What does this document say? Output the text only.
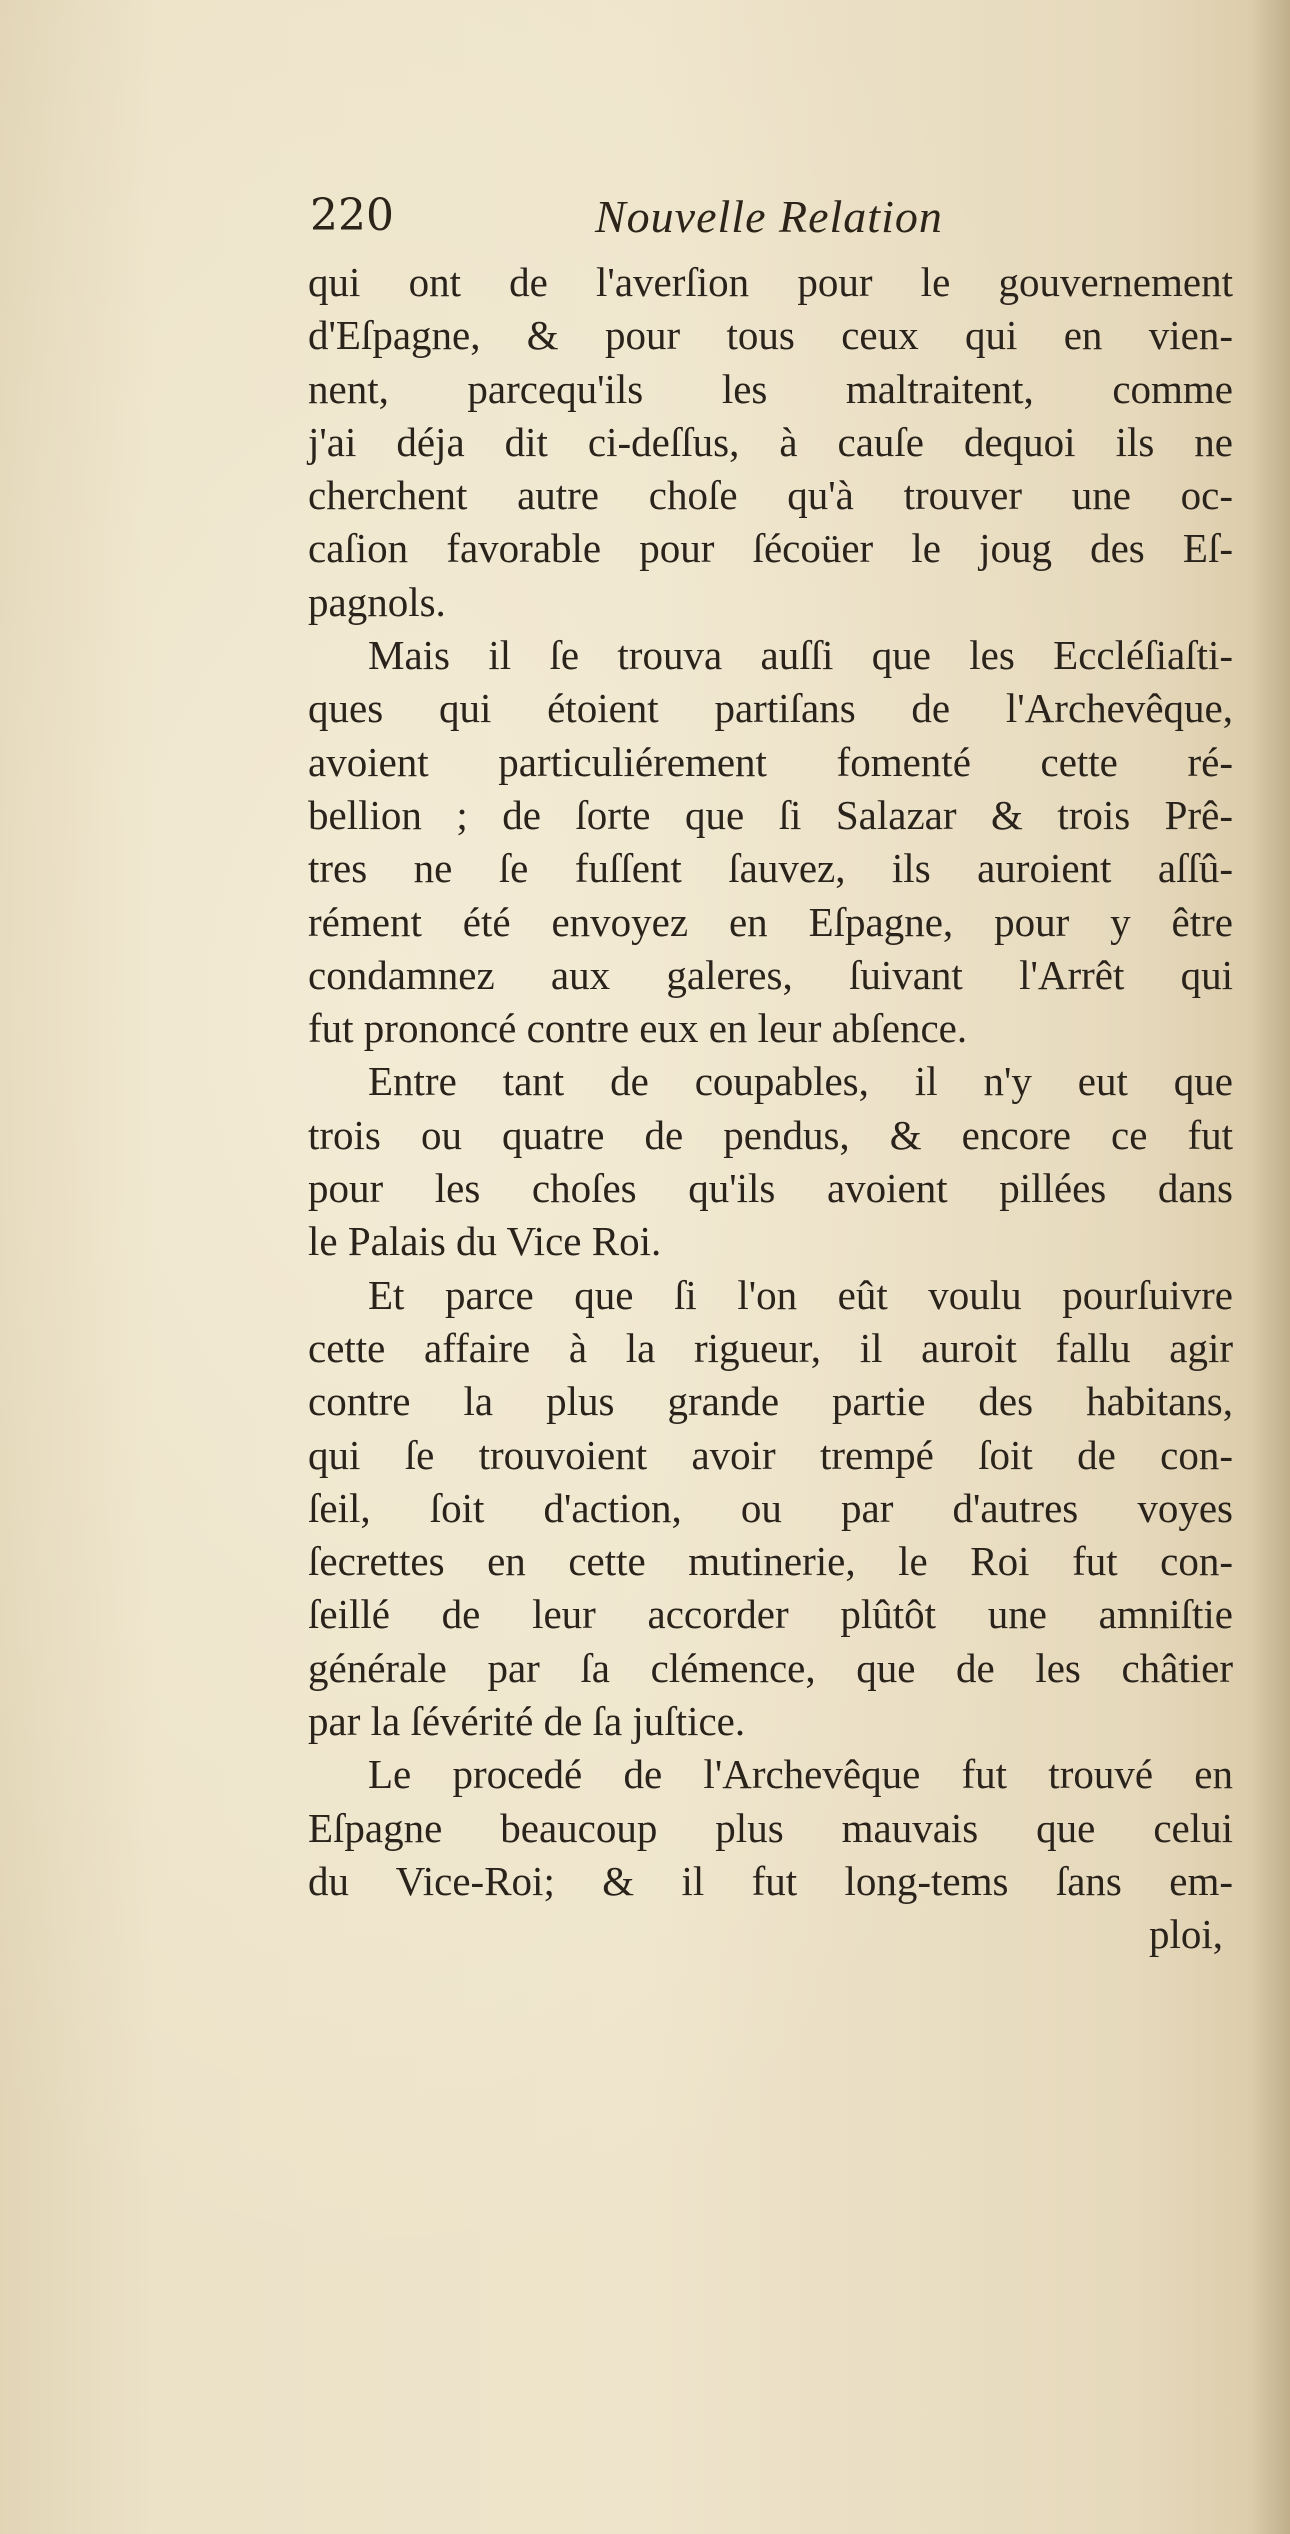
220	Nouvelle Relation
qui ont de l'averſion pour le gouvernement
d'Eſpagne, & pour tous ceux qui en vien-
nent, parcequ'ils les maltraitent, comme
j'ai déja dit ci-deſſus, à cauſe dequoi ils ne
cherchent autre choſe qu'à trouver une oc-
caſion favorable pour ſécoüer le joug des Eſ-
pagnols.
Mais il ſe trouva auſſi que les Eccléſiaſti-
ques qui étoient partiſans de l'Archevêque,
avoient particuliérement fomenté cette ré-
bellion ; de ſorte que ſi Salazar & trois Prê-
tres ne ſe fuſſent ſauvez, ils auroient aſſû-
rément été envoyez en Eſpagne, pour y être
condamnez aux galeres, ſuivant l'Arrêt qui
fut prononcé contre eux en leur abſence.
Entre tant de coupables, il n'y eut que
trois ou quatre de pendus, & encore ce fut
pour les choſes qu'ils avoient pillées dans
le Palais du Vice Roi.
Et parce que ſi l'on eût voulu pourſuivre
cette affaire à la rigueur, il auroit fallu agir
contre la plus grande partie des habitans,
qui ſe trouvoient avoir trempé ſoit de con-
ſeil, ſoit d'action, ou par d'autres voyes
ſecrettes en cette mutinerie, le Roi fut con-
ſeillé de leur accorder plûtôt une amniſtie
générale par ſa clémence, que de les châtier
par la ſévérité de ſa juſtice.
Le procedé de l'Archevêque fut trouvé en
Eſpagne beaucoup plus mauvais que celui
du Vice-Roi; & il fut long-tems ſans em-
ploi,
